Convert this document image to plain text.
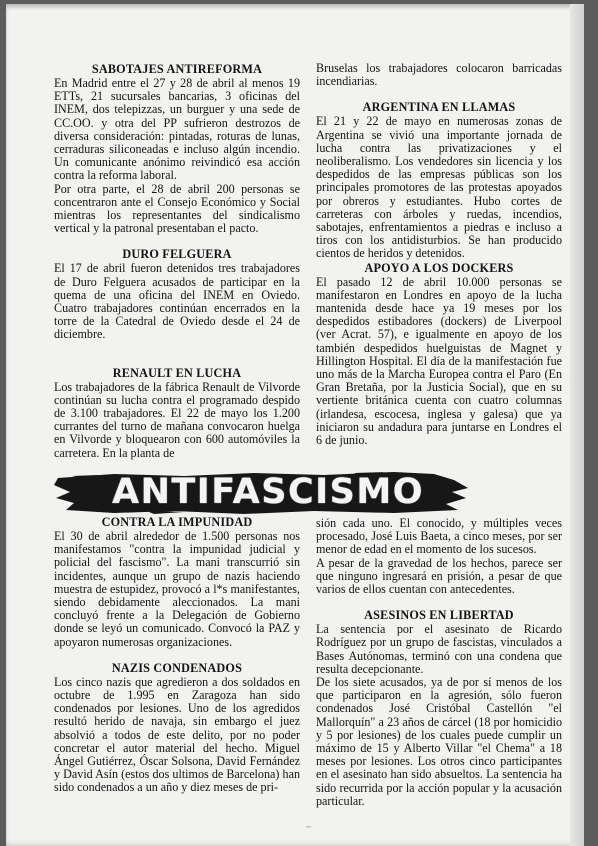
SABOTAJES ANTIREFORMA

En Madrid entre el 27 y 28 de abril al menos 19 ETTs, 21 sucursales bancarias, 3 oficinas del INEM, dos telepizzas, un burguer y una sede de CC.OO. y otra del PP sufrieron destrozos de diversa consideración: pintadas, roturas de lunas, cerraduras siliconeadas e incluso algún incendio. Un comunicante anónimo reivindicó esa acción contra la reforma laboral.

Por otra parte, el 28 de abril 200 personas se concentraron ante el Consejo Económico y Social mientras los representantes del sindicalismo vertical y la patronal presentaban el pacto.

DURO FELGUERA

El 17 de abril fueron detenidos tres trabajadores de Duro Felguera acusados de participar en la quema de una oficina del INEM en Oviedo. Cuatro trabajadores continúan encerrados en la torre de la Catedral de Oviedo desde el 24 de diciembre.

RENAULT EN LUCHA

Los trabajadores de la fábrica Renault de Vilvorde continúan su lucha contra el programado despido de 3.100 trabajadores. El 22 de mayo los 1.200 currantes del turno de mañana convocaron huelga en Vilvorde y bloquearon con 600 automóviles la carretera. En la planta de

Bruselas los trabajadores colocaron barricadas incendiarias.

ARGENTINA EN LLAMAS

El 21 y 22 de mayo en numerosas zonas de Argentina se vivió una importante jornada de lucha contra las privatizaciones y el neoliberalismo. Los vendedores sin licencia y los despedidos de las empresas públicas son los principales promotores de las protestas apoyados por obreros y estudiantes. Hubo cortes de carreteras con árboles y ruedas, incendios, sabotajes, enfrentamientos a piedras e incluso a tiros con los antidisturbios. Se han producido cientos de heridos y detenidos.

APOYO A LOS DOCKERS

El pasado 12 de abril 10.000 personas se manifestaron en Londres en apoyo de la lucha mantenida desde hace ya 19 meses por los despedidos estibadores (dockers) de Liverpool (ver Acrat. 57), e igualmente en apoyo de los también despedidos huelguistas de Magnet y Hillington Hospital. El día de la manifestación fue uno más de la Marcha Europea contra el Paro (En Gran Bretaña, por la Justicia Social), que en su vertiente británica cuenta con cuatro columnas (irlandesa, escocesa, inglesa y galesa) que ya iniciaron su andadura para juntarse en Londres el 6 de junio.

ANTIFASCISMO
CONTRA LA IMPUNIDAD

El 30 de abril alrededor de 1.500 personas nos manifestamos "contra la impunidad judicial y policial del fascismo". La mani transcurrió sin incidentes, aunque un grupo de nazis haciendo muestra de estupidez, provocó a l*s manifestantes, siendo debidamente aleccionados. La mani concluyó frente a la Delegación de Gobierno donde se leyó un comunicado. Convocó la PAZ y apoyaron numerosas organizaciones.

NAZIS CONDENADOS

Los cinco nazis que agredieron a dos soldados en octubre de 1.995 en Zaragoza han sido condenados por lesiones. Uno de los agredidos resultó herido de navaja, sin embargo el juez absolvió a todos de este delito, por no poder concretar el autor material del hecho. Miguel Ángel Gutiérrez, Óscar Solsona, David Fernández y David Asín (estos dos ultimos de Barcelona) han sido condenados a un año y diez meses de pri-

sión cada uno. El conocido, y múltiples veces procesado, José Luis Baeta, a cinco meses, por ser menor de edad en el momento de los sucesos.

A pesar de la gravedad de los hechos, parece ser que ninguno ingresará en prisión, a pesar de que varios de ellos cuentan con antecedentes.

ASESINOS EN LIBERTAD

La sentencia por el asesinato de Ricardo Rodríguez por un grupo de fascistas, vinculados a Bases Autónomas, terminó con una condena que resulta decepcionante.

De los siete acusados, ya de por sí menos de los que participaron en la agresión, sólo fueron condenados José Cristóbal Castellón "el Mallorquín" a 23 años de cárcel (18 por homicidio y 5 por lesiones) de los cuales puede cumplir un máximo de 15 y Alberto Villar "el Chema" a 18 meses por lesiones. Los otros cinco participantes en el asesinato han sido absueltos. La sentencia ha sido recurrida por la acción popular y la acusación particular.

~
